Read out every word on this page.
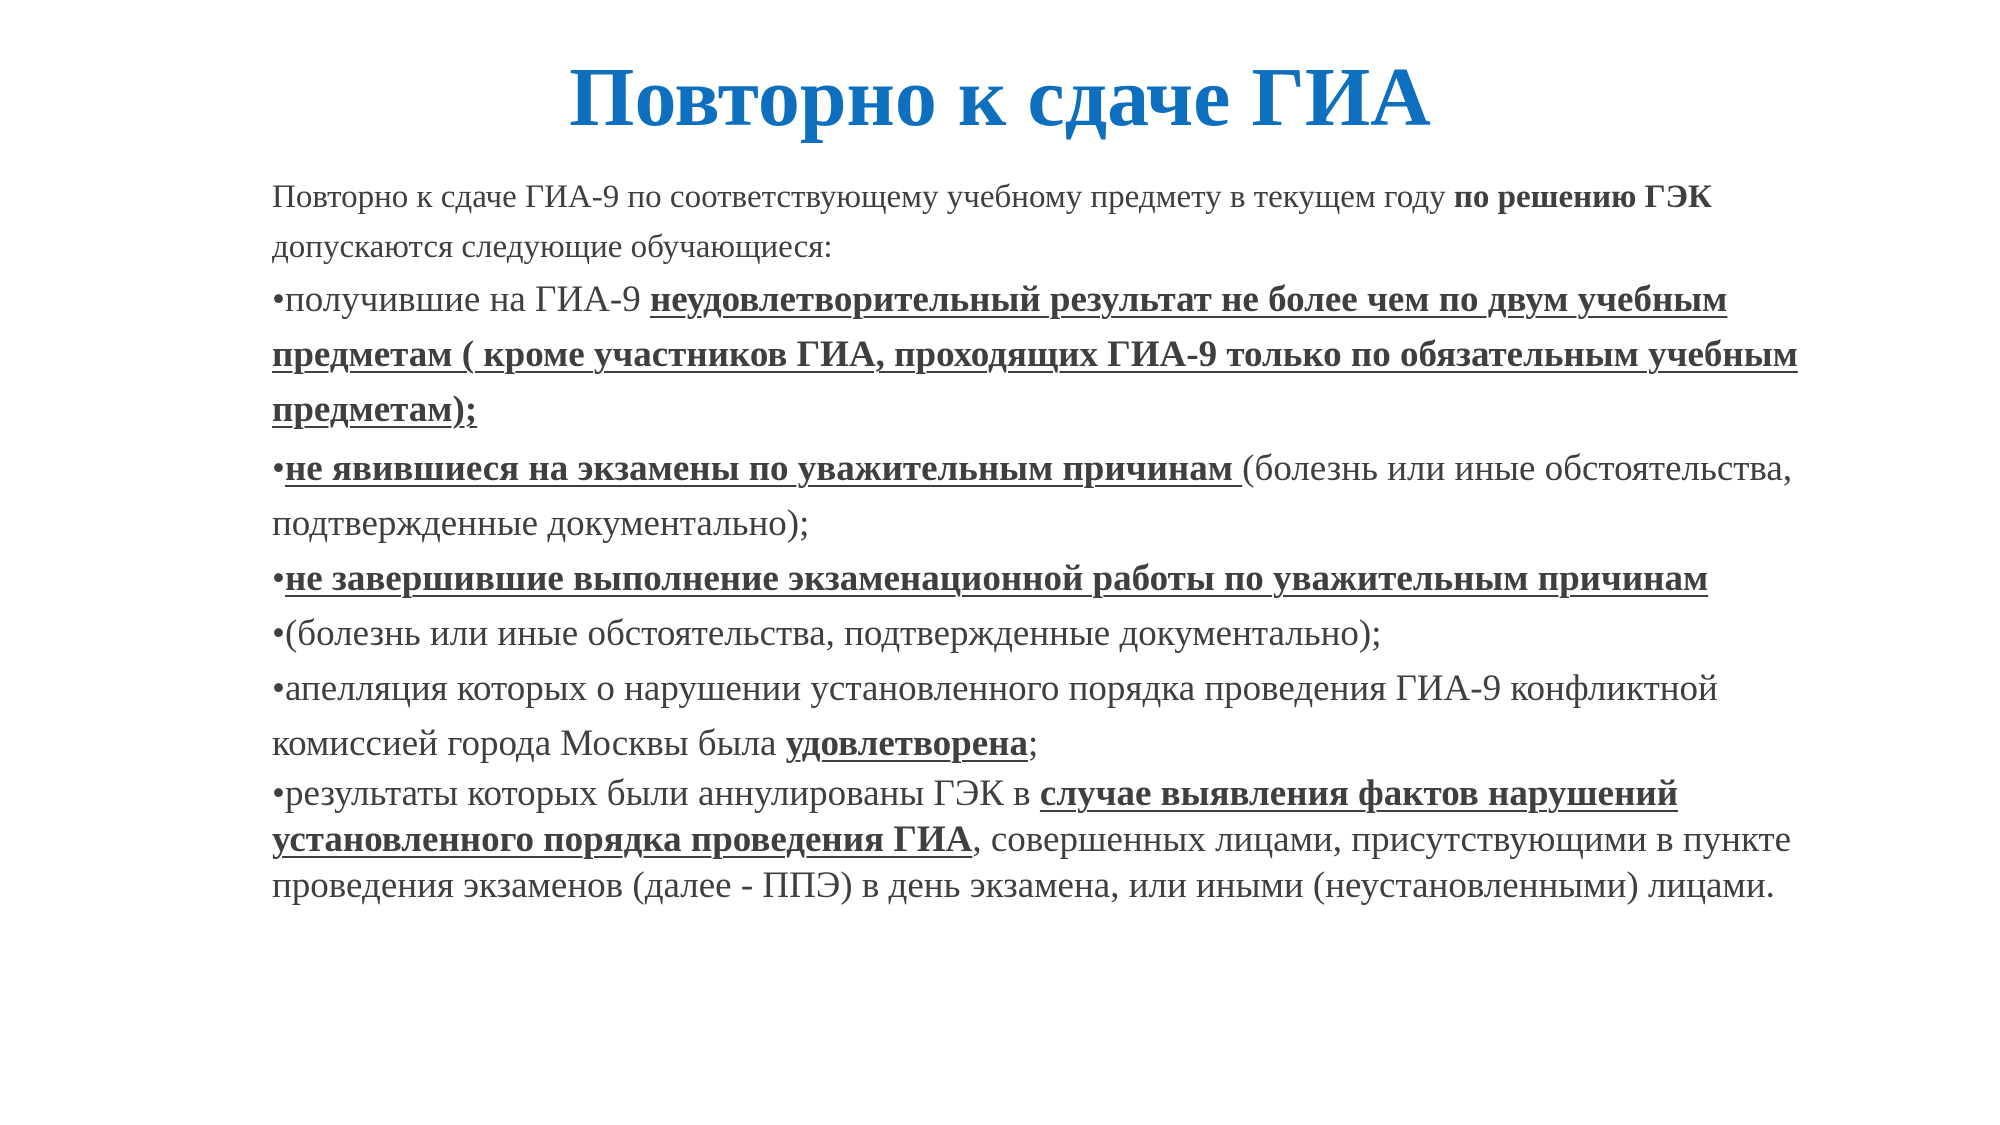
Повторно к сдаче ГИА

Повторно к сдаче ГИА-9 по соответствующему учебному предмету в текущем году по решению ГЭК допускаются следующие обучающиеся:

•получившие на ГИА-9 неудовлетворительный результат не более чем по двум учебным предметам ( кроме участников ГИА, проходящих ГИА-9 только по обязательным учебным предметам);

•не явившиеся на экзамены по уважительным причинам (болезнь или иные обстоятельства, подтвержденные документально);

•не завершившие выполнение экзаменационной работы по уважительным причинам

•(болезнь или иные обстоятельства, подтвержденные документально);

•апелляция которых о нарушении установленного порядка проведения ГИА-9 конфликтной комиссией города Москвы была удовлетворена;

•результаты которых были аннулированы ГЭК в случае выявления фактов нарушений установленного порядка проведения ГИА, совершенных лицами, присутствующими в пункте проведения экзаменов (далее - ППЭ) в день экзамена, или иными (неустановленными) лицами.
